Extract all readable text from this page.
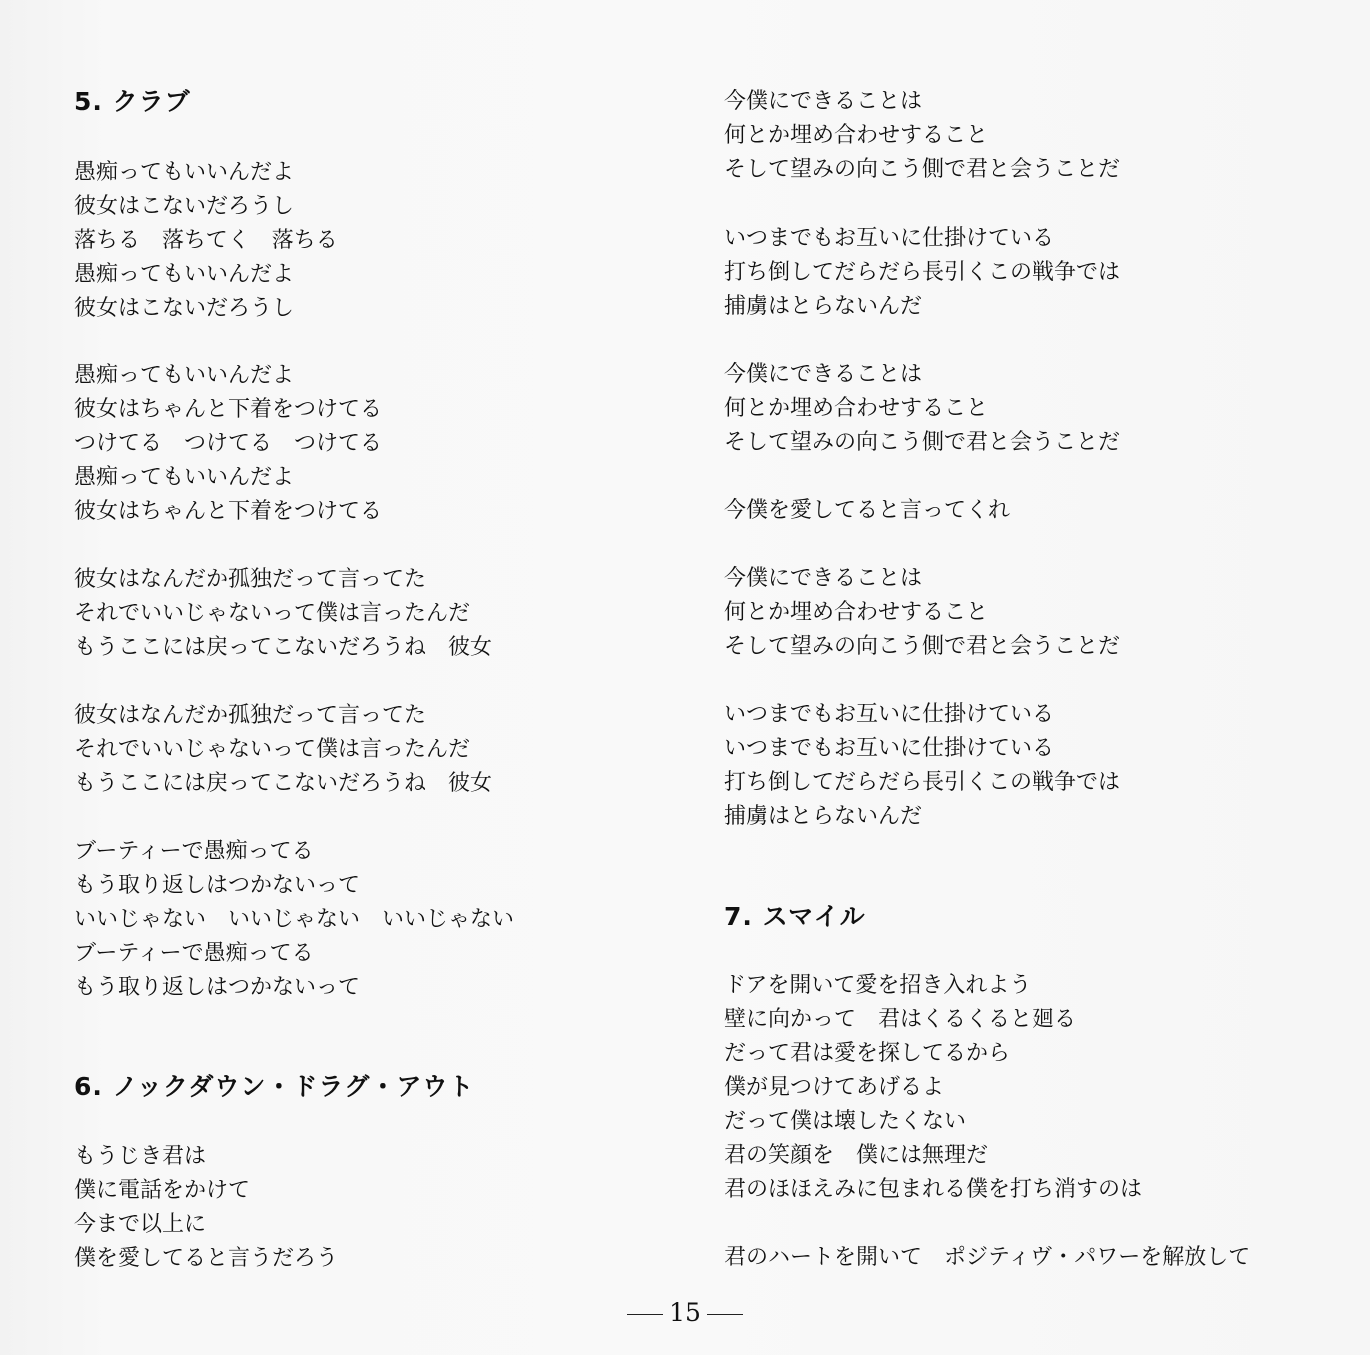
5. クラブ
6. ノックダウン・ドラグ・アウト
愚痴ってもいいんだよ
彼女はこないだろうし
落ちる　落ちてく　落ちる
愚痴ってもいいんだよ
彼女はこないだろうし
愚痴ってもいいんだよ
彼女はちゃんと下着をつけてる
つけてる　つけてる　つけてる
愚痴ってもいいんだよ
彼女はちゃんと下着をつけてる
彼女はなんだか孤独だって言ってた
それでいいじゃないって僕は言ったんだ
もうここには戻ってこないだろうね　彼女
彼女はなんだか孤独だって言ってた
それでいいじゃないって僕は言ったんだ
もうここには戻ってこないだろうね　彼女
ブーティーで愚痴ってる
もう取り返しはつかないって
いいじゃない　いいじゃない　いいじゃない
ブーティーで愚痴ってる
もう取り返しはつかないって
もうじき君は
僕に電話をかけて
今まで以上に
僕を愛してると言うだろう
7. スマイル
今僕にできることは
何とか埋め合わせすること
そして望みの向こう側で君と会うことだ
いつまでもお互いに仕掛けている
打ち倒してだらだら長引くこの戦争では
捕虜はとらないんだ
今僕にできることは
何とか埋め合わせすること
そして望みの向こう側で君と会うことだ
今僕を愛してると言ってくれ
今僕にできることは
何とか埋め合わせすること
そして望みの向こう側で君と会うことだ
いつまでもお互いに仕掛けている
いつまでもお互いに仕掛けている
打ち倒してだらだら長引くこの戦争では
捕虜はとらないんだ
ドアを開いて愛を招き入れよう
壁に向かって　君はくるくると廻る
だって君は愛を探してるから
僕が見つけてあげるよ
だって僕は壊したくない
君の笑顔を　僕には無理だ
君のほほえみに包まれる僕を打ち消すのは
君のハートを開いて　ポジティヴ・パワーを解放して
15
